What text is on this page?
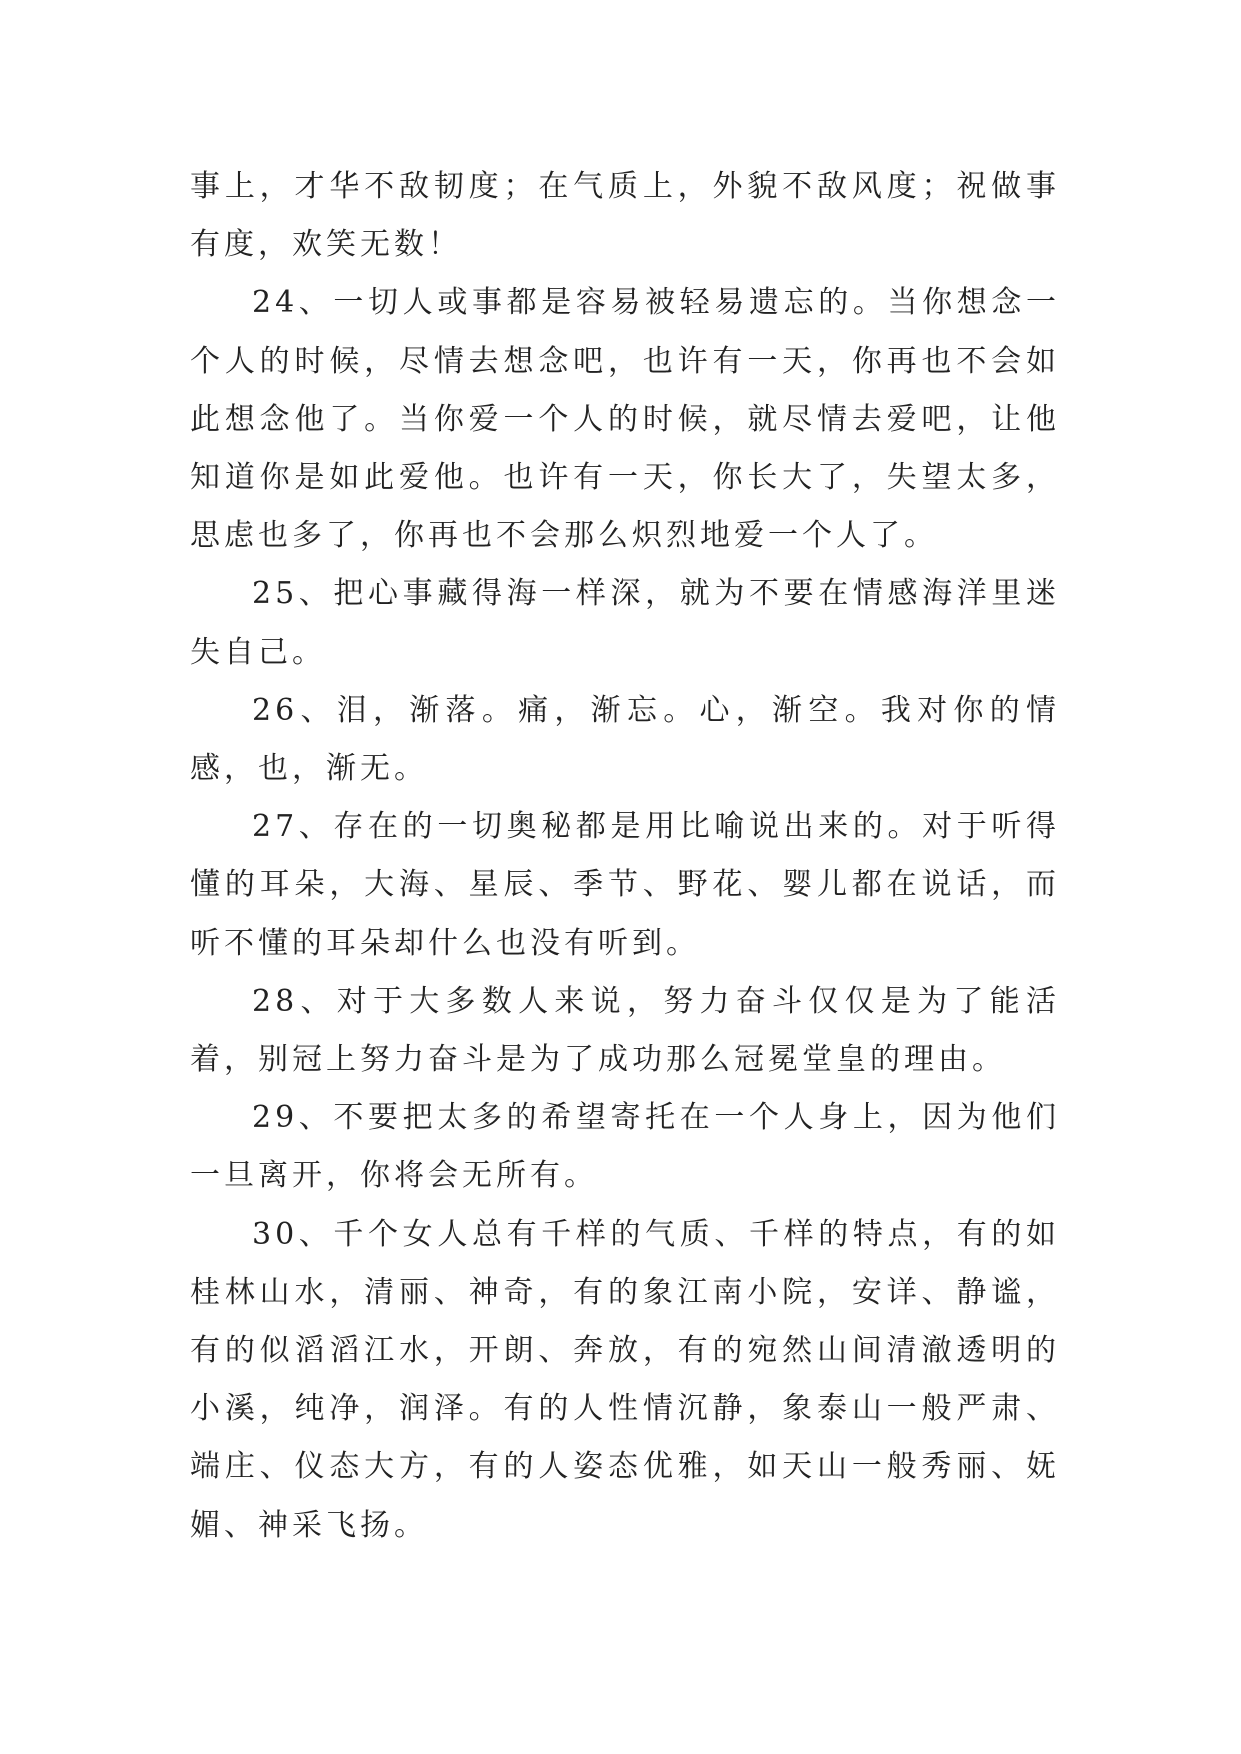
事上，才华不敌韧度；在气质上，外貌不敌风度；祝做事有度，欢笑无数！

24、一切人或事都是容易被轻易遗忘的。当你想念一个人的时候，尽情去想念吧，也许有一天，你再也不会如此想念他了。当你爱一个人的时候，就尽情去爱吧，让他知道你是如此爱他。也许有一天，你长大了，失望太多，思虑也多了，你再也不会那么炽烈地爱一个人了。

25、把心事藏得海一样深，就为不要在情感海洋里迷失自己。

26、泪，渐落。痛，渐忘。心，渐空。我对你的情感，也，渐无。

27、存在的一切奥秘都是用比喻说出来的。对于听得懂的耳朵，大海、星辰、季节、野花、婴儿都在说话，而听不懂的耳朵却什么也没有听到。

28、对于大多数人来说，努力奋斗仅仅是为了能活着，别冠上努力奋斗是为了成功那么冠冕堂皇的理由。

29、不要把太多的希望寄托在一个人身上，因为他们一旦离开，你将会无所有。

30、千个女人总有千样的气质、千样的特点，有的如桂林山水，清丽、神奇，有的象江南小院，安详、静谧，有的似滔滔江水，开朗、奔放，有的宛然山间清澈透明的小溪，纯净，润泽。有的人性情沉静，象泰山一般严肃、端庄、仪态大方，有的人姿态优雅，如天山一般秀丽、妩媚、神采飞扬。
